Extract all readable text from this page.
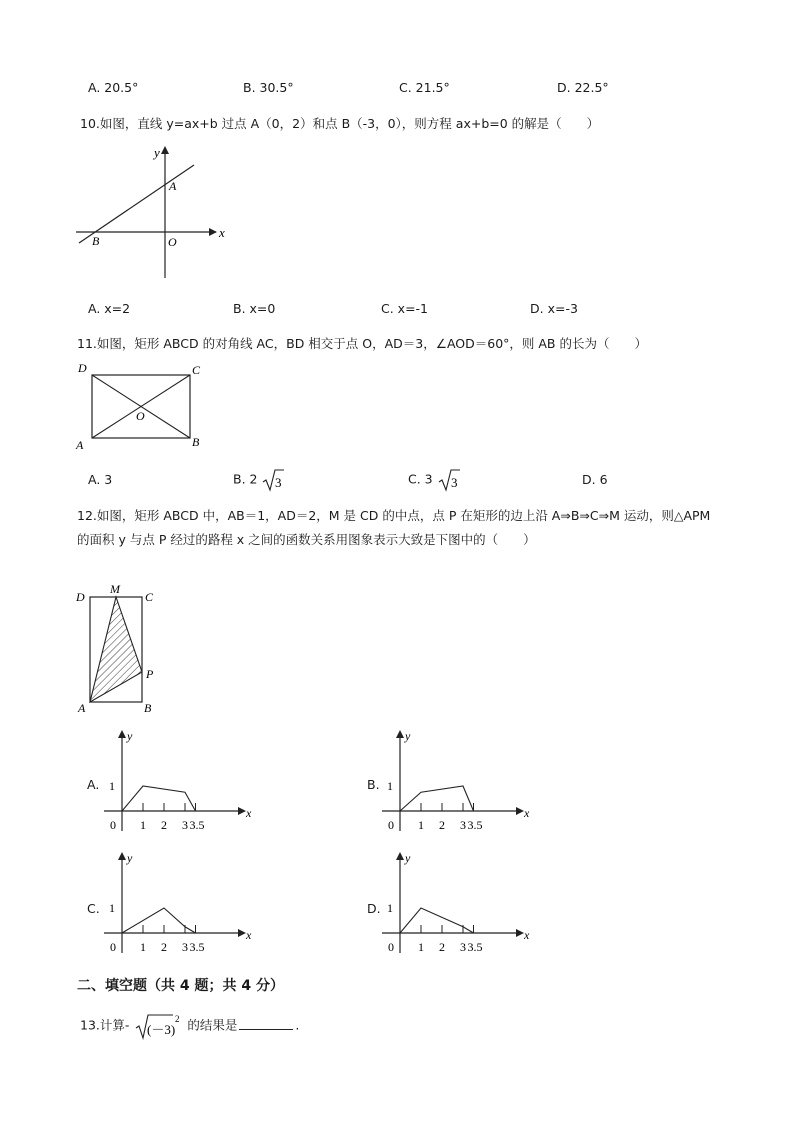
A. 20.5°	B. 30.5°	C. 21.5°	D. 22.5°
10.如图，直线 y=ax+b 过点 A（0，2）和点 B（-3，0），则方程 ax+b=0 的解是（　　）
y
x
A
B	O
A. x=2	B. x=0	C. x=-1	D. x=-3
11.如图，矩形 ABCD 的对角线 AC，BD 相交于点 O，AD＝3，∠AOD＝60°，则 AB 的长为（　　）
D	C
O
A	B
A. 3	B. 2 3	C. 3 3	D. 6
12.如图，矩形 ABCD 中，AB＝1，AD＝2，M 是 CD 的中点，点 P 在矩形的边上沿 A⇒B⇒C⇒M 运动，则△APM
的面积 y 与点 P 经过的路程 x 之间的函数关系用图象表示大致是下图中的（　　）
M
D	C
P
A	B
A.
1 2 3 3.5
1
0
y
x
B.
1 2 3 3.5
1
0
y
x
C.
1 2 3 3.5
1
0
y
x
D.
1 2 3 3.5
1
0
y
x
二、填空题（共 4 题；共 4 分）
13.计算- (－3)
2 的结果是	.
